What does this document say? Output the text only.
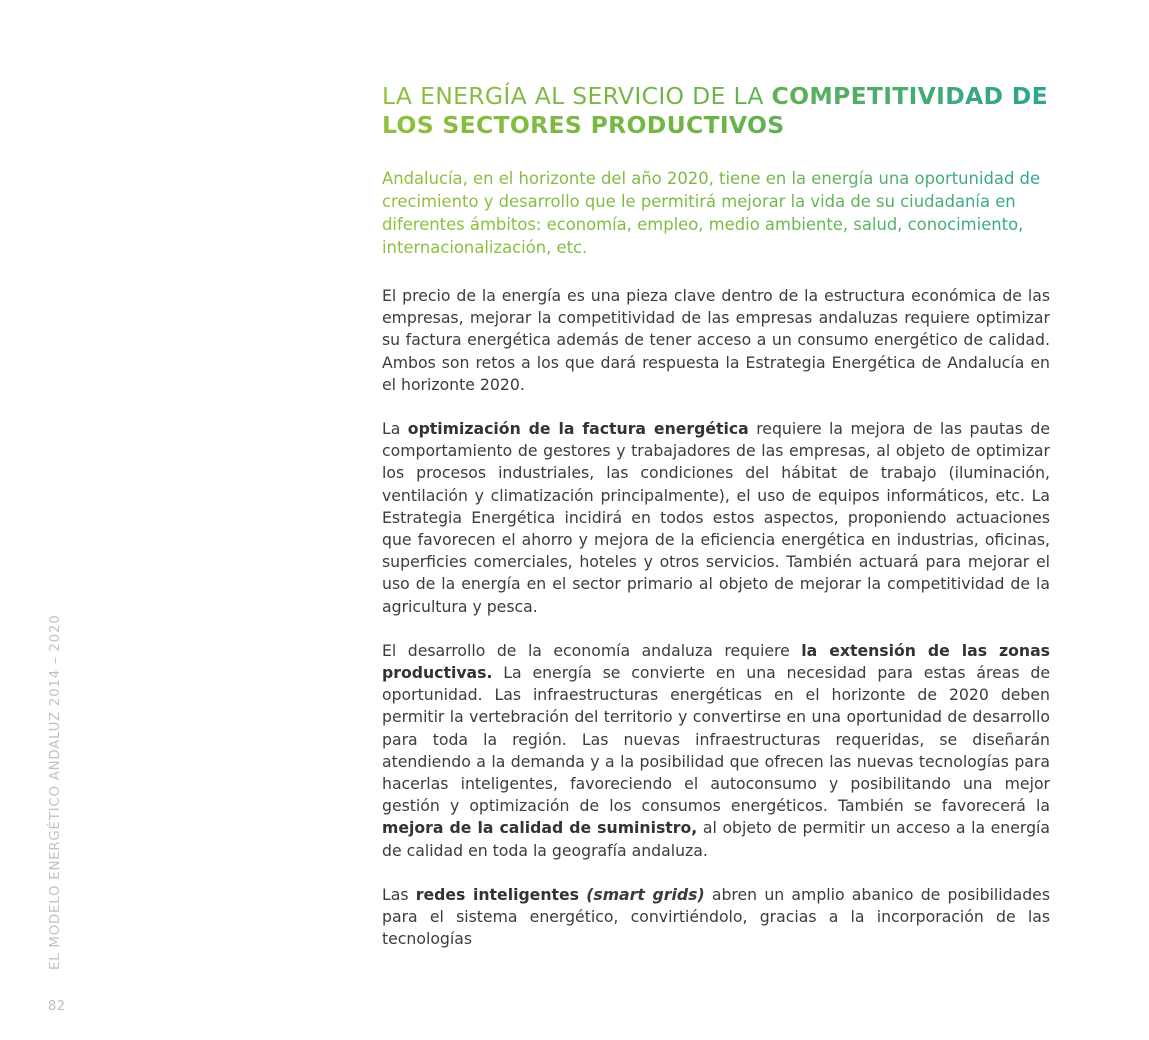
LA ENERGÍA AL SERVICIO DE LA COMPETITIVIDAD DE LOS SECTORES PRODUCTIVOS

Andalucía, en el horizonte del año 2020, tiene en la energía una oportunidad de crecimiento y desarrollo que le permitirá mejorar la vida de su ciudadanía en diferentes ámbitos: economía, empleo, medio ambiente, salud, conocimiento, internacionalización, etc.

El precio de la energía es una pieza clave dentro de la estructura económica de las empresas, mejorar la competitividad de las empresas andaluzas requiere optimizar su factura energética además de tener acceso a un consumo energético de calidad. Ambos son retos a los que dará respuesta la Estrategia Energética de Andalucía en el horizonte 2020.

La optimización de la factura energética requiere la mejora de las pautas de comportamiento de gestores y trabajadores de las empresas, al objeto de optimizar los procesos industriales, las condiciones del hábitat de trabajo (iluminación, ventilación y climatización principalmente), el uso de equipos informáticos, etc. La Estrategia Energética incidirá en todos estos aspectos, proponiendo actuaciones que favorecen el ahorro y mejora de la eficiencia energética en industrias, oficinas, superficies comerciales, hoteles y otros servicios. También actuará para mejorar el uso de la energía en el sector primario al objeto de mejorar la competitividad de la agricultura y pesca.

El desarrollo de la economía andaluza requiere la extensión de las zonas productivas. La energía se convierte en una necesidad para estas áreas de oportunidad. Las infraestructuras energéticas en el horizonte de 2020 deben permitir la vertebración del territorio y convertirse en una oportunidad de desarrollo para toda la región. Las nuevas infraestructuras requeridas, se diseñarán atendiendo a la demanda y a la posibilidad que ofrecen las nuevas tecnologías para hacerlas inteligentes, favoreciendo el autoconsumo y posibilitando una mejor gestión y optimización de los consumos energéticos. También se favorecerá la mejora de la calidad de suministro, al objeto de permitir un acceso a la energía de calidad en toda la geografía andaluza.

Las redes inteligentes (smart grids) abren un amplio abanico de posibilidades para el sistema energético, convirtiéndolo, gracias a la incorporación de las tecnologías

EL MODELO ENERGÉTICO ANDALUZ 2014 – 2020
82
